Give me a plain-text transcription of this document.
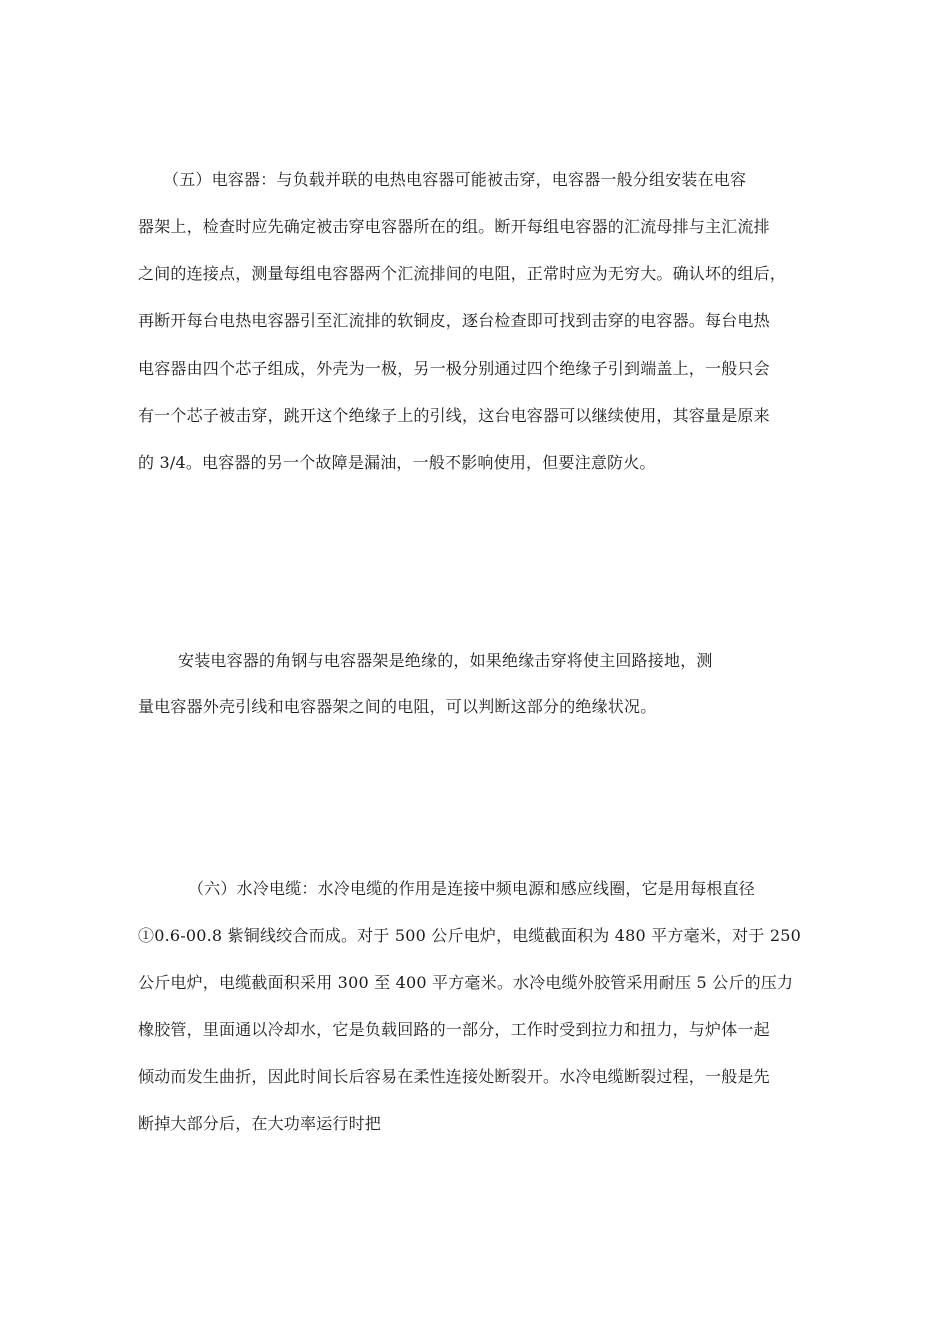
（五）电容器：与负载并联的电热电容器可能被击穿，电容器一般分组安装在电容
器架上，检查时应先确定被击穿电容器所在的组。断开每组电容器的汇流母排与主汇流排
之间的连接点，测量每组电容器两个汇流排间的电阻，正常时应为无穷大。确认坏的组后，
再断开每台电热电容器引至汇流排的软铜皮，逐台检查即可找到击穿的电容器。每台电热
电容器由四个芯子组成，外壳为一极，另一极分别通过四个绝缘子引到端盖上，一般只会
有一个芯子被击穿，跳开这个绝缘子上的引线，这台电容器可以继续使用，其容量是原来
的 3/4。电容器的另一个故障是漏油，一般不影响使用，但要注意防火。
安装电容器的角钢与电容器架是绝缘的，如果绝缘击穿将使主回路接地，测
量电容器外壳引线和电容器架之间的电阻，可以判断这部分的绝缘状况。
（六）水冷电缆：水冷电缆的作用是连接中频电源和感应线圈，它是用每根直径
①0.6-00.8 紫铜线绞合而成。对于 500 公斤电炉，电缆截面积为 480 平方毫米，对于 250
公斤电炉，电缆截面积采用 300 至 400 平方毫米。水冷电缆外胶管采用耐压 5 公斤的压力
橡胶管，里面通以冷却水，它是负载回路的一部分，工作时受到拉力和扭力，与炉体一起
倾动而发生曲折，因此时间长后容易在柔性连接处断裂开。水冷电缆断裂过程，一般是先
断掉大部分后，在大功率运行时把
